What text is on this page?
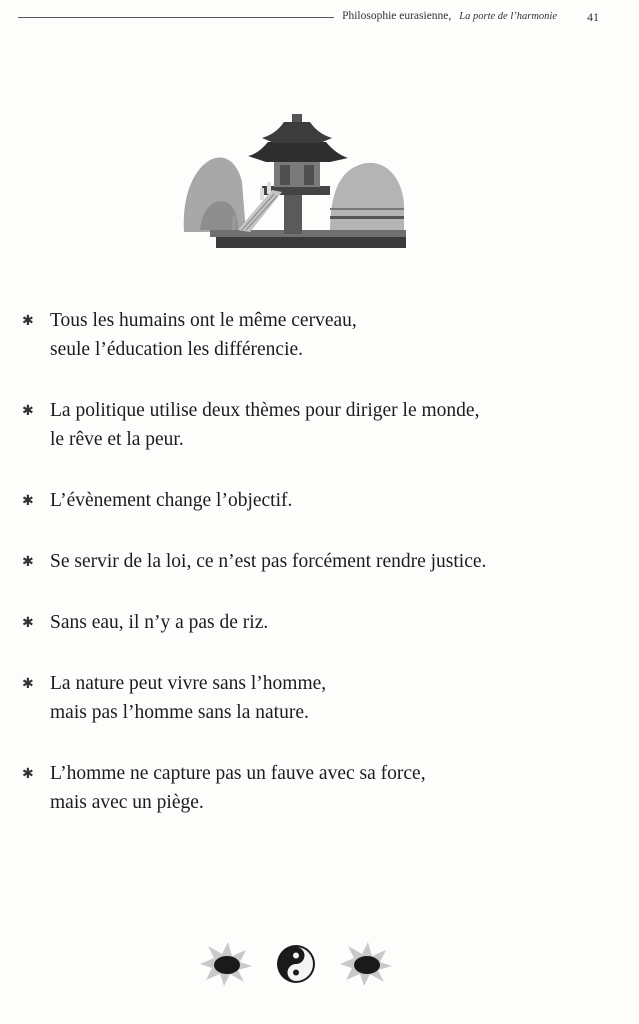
Philosophie eurasienne, La porte de l’harmonie	41
✱ Tous les humains ont le même cerveau,
seule l’éducation les différencie.
✱ La politique utilise deux thèmes pour diriger le monde,
le rêve et la peur.
✱ L’évènement change l’objectif.
✱ Se servir de la loi, ce n’est pas forcément rendre justice.
✱ Sans eau, il n’y a pas de riz.
✱ La nature peut vivre sans l’homme,
mais pas l’homme sans la nature.
✱ L’homme ne capture pas un fauve avec sa force,
mais avec un piège.
